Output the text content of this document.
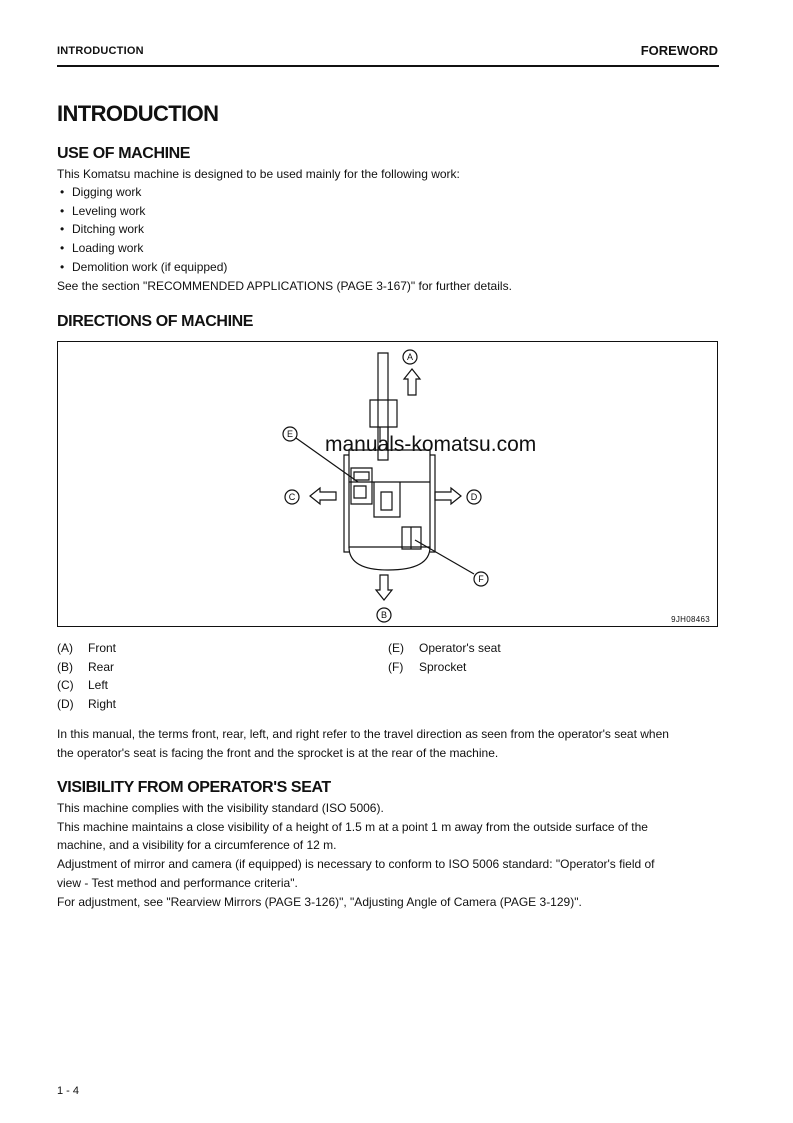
INTRODUCTION	FOREWORD
INTRODUCTION
USE OF MACHINE
This Komatsu machine is designed to be used mainly for the following work:
• Digging work
• Leveling work
• Ditching work
• Loading work
• Demolition work (if equipped)
See the section "RECOMMENDED APPLICATIONS (PAGE 3-167)" for further details.
DIRECTIONS OF MACHINE
A
B
C	D
E
F
manuals-komatsu.com
9JH08463
(A)	Front
(B)	Rear
(C)	Left
(D)	Right
(E)	Operator's seat
(F)	Sprocket

In this manual, the terms front, rear, left, and right refer to the travel direction as seen from the operator's seat when

the operator's seat is facing the front and the sprocket is at the rear of the machine.

VISIBILITY FROM OPERATOR'S SEAT

This machine complies with the visibility standard (ISO 5006).

This machine maintains a close visibility of a height of 1.5 m at a point 1 m away from the outside surface of the

machine, and a visibility for a circumference of 12 m.

Adjustment of mirror and camera (if equipped) is necessary to conform to ISO 5006 standard: "Operator's field of

view - Test method and performance criteria".

For adjustment, see "Rearview Mirrors (PAGE 3-126)", "Adjusting Angle of Camera (PAGE 3-129)".

1 - 4
